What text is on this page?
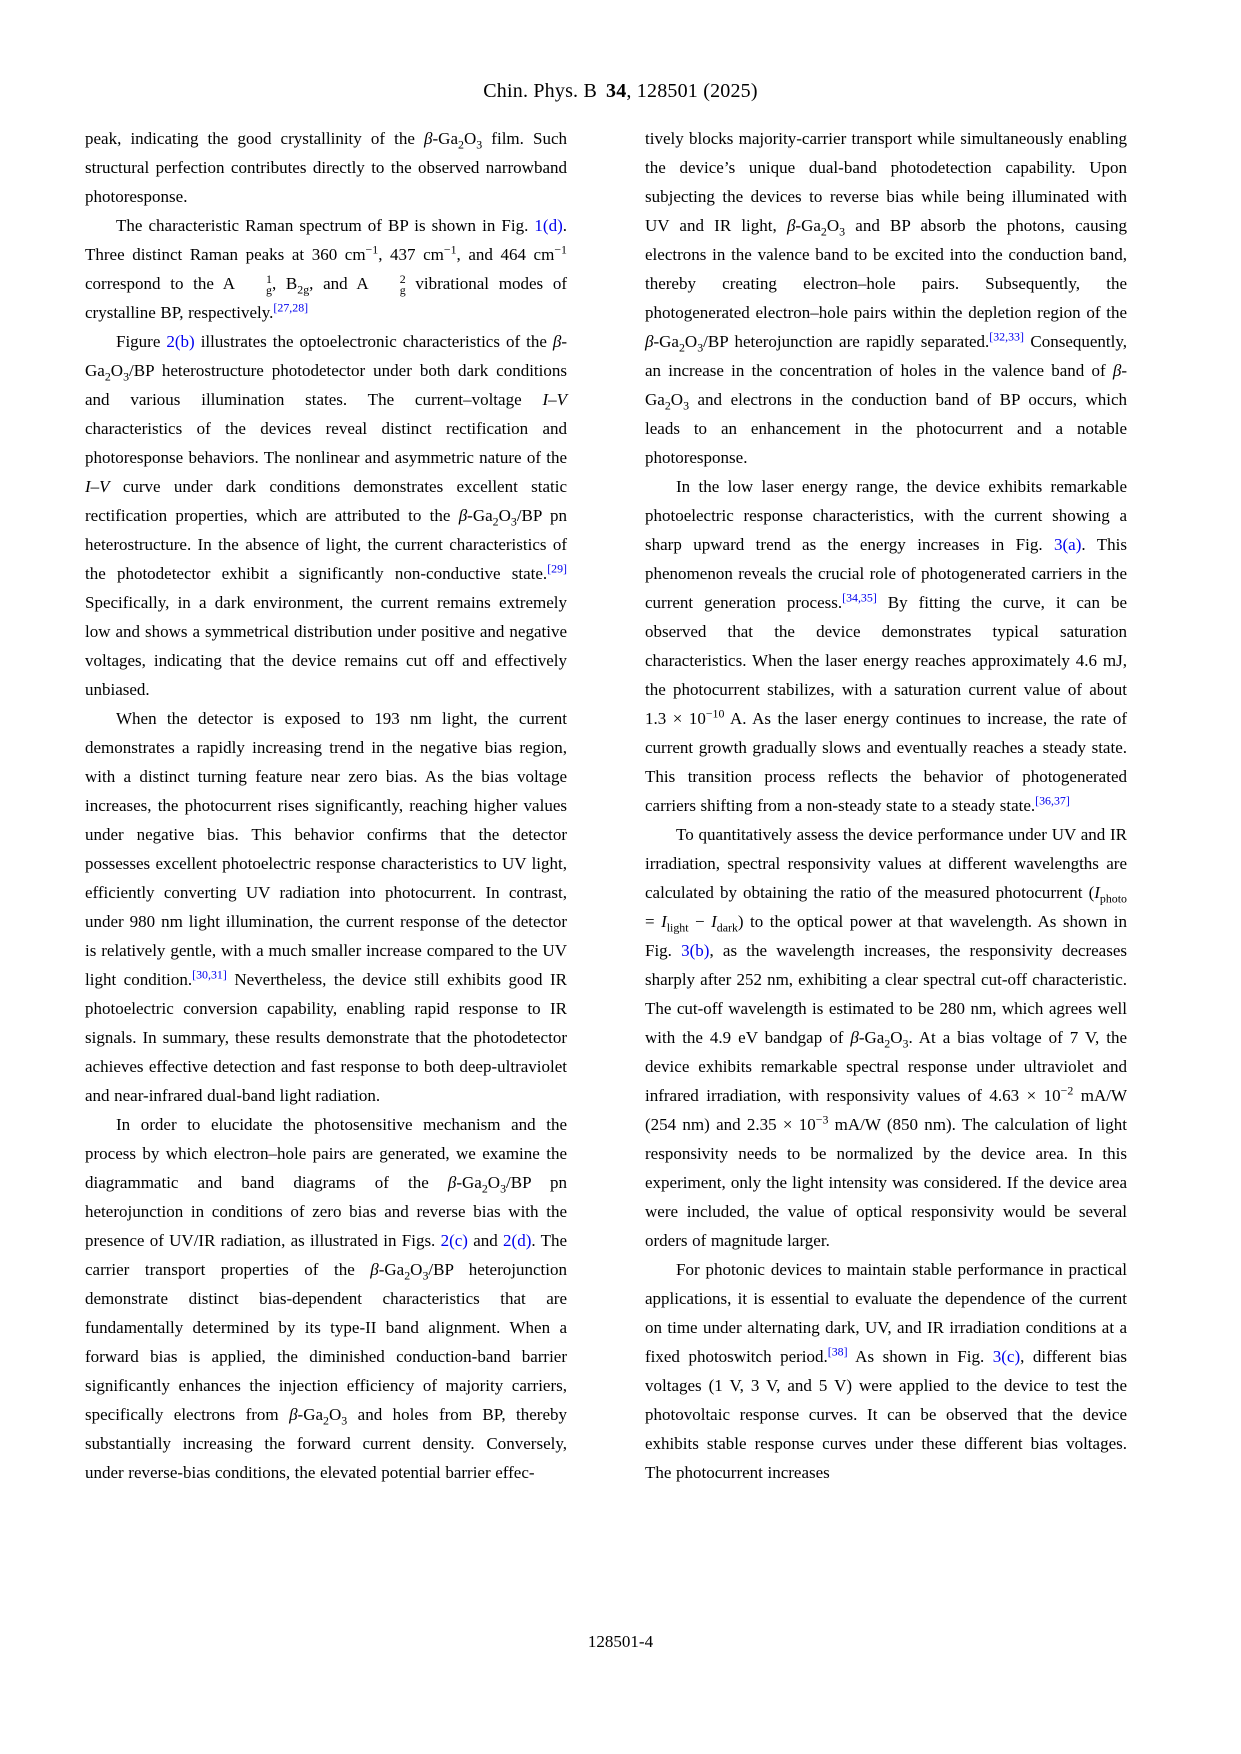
Chin. Phys. B 34, 128501 (2025)

peak, indicating the good crystallinity of the $\beta-Ga_2O_3$ film. Such structural perfection contributes directly to the observed narrowband photoresponse.

The characteristic Raman spectrum of BP is shown in Fig. 1(d). Three distinct Raman peaks at 360 $cm^{-1}$, 437 $cm^{-1}$, and 464 $cm^{-1}$ correspond to the A	1
g , $B_{2g}$, and A	2
g vibrational modes of crystalline BP, respectively.[27,28]

Figure 2(b) illustrates the optoelectronic characteristics of the $\beta-Ga_2O_3/BP$ heterostructure photodetector under both dark conditions and various illumination states. The current–voltage I–V characteristics of the devices reveal distinct rectification and photoresponse behaviors. The nonlinear and asymmetric nature of the I–V curve under dark conditions demonstrates excellent static rectification properties, which are attributed to the $\beta-Ga_2O_3/BP$ pn heterostructure. In the absence of light, the current characteristics of the photodetector exhibit a significantly non-conductive state.[29] Specifically, in a dark environment, the current remains extremely low and shows a symmetrical distribution under positive and negative voltages, indicating that the device remains cut off and effectively unbiased.

When the detector is exposed to 193 nm light, the current demonstrates a rapidly increasing trend in the negative bias region, with a distinct turning feature near zero bias. As the bias voltage increases, the photocurrent rises significantly, reaching higher values under negative bias. This behavior confirms that the detector possesses excellent photoelectric response characteristics to UV light, efficiently converting UV radiation into photocurrent. In contrast, under 980 nm light illumination, the current response of the detector is relatively gentle, with a much smaller increase compared to the UV light condition.[30,31] Nevertheless, the device still exhibits good IR photoelectric conversion capability, enabling rapid response to IR signals. In summary, these results demonstrate that the photodetector achieves effective detection and fast response to both deep-ultraviolet and near-infrared dual-band light radiation.

In order to elucidate the photosensitive mechanism and the process by which electron–hole pairs are generated, we examine the diagrammatic and band diagrams of the $\beta-Ga_2O_3/BP$ pn heterojunction in conditions of zero bias and reverse bias with the presence of UV/IR radiation, as illustrated in Figs. 2(c) and 2(d). The carrier transport properties of the $\beta-Ga_2O_3/BP$ heterojunction demonstrate distinct bias-dependent characteristics that are fundamentally determined by its type-II band alignment. When a forward bias is applied, the diminished conduction-band barrier significantly enhances the injection efficiency of majority carriers, specifically electrons from $\beta-Ga_2O_3$ and holes from BP, thereby substantially increasing the forward current density. Conversely, under reverse-bias conditions, the elevated potential barrier effec-

tively blocks majority-carrier transport while simultaneously enabling the device’s unique dual-band photodetection capability. Upon subjecting the devices to reverse bias while being illuminated with UV and IR light, $\beta-Ga_2O_3$ and BP absorb the photons, causing electrons in the valence band to be excited into the conduction band, thereby creating electron–hole pairs. Subsequently, the photogenerated electron–hole pairs within the depletion region of the $\beta-Ga_2O_3/BP$ heterojunction are rapidly separated.[32,33] Consequently, an increase in the concentration of holes in the valence band of $\beta-Ga_2O_3$ and electrons in the conduction band of BP occurs, which leads to an enhancement in the photocurrent and a notable photoresponse.

In the low laser energy range, the device exhibits remarkable photoelectric response characteristics, with the current showing a sharp upward trend as the energy increases in Fig. 3(a). This phenomenon reveals the crucial role of photogenerated carriers in the current generation process.[34,35] By fitting the curve, it can be observed that the device demonstrates typical saturation characteristics. When the laser energy reaches approximately 4.6 mJ, the photocurrent stabilizes, with a saturation current value of about $1.3 \times 10^{-10}$ A. As the laser energy continues to increase, the rate of current growth gradually slows and eventually reaches a steady state. This transition process reflects the behavior of photogenerated carriers shifting from a non-steady state to a steady state.[36,37]

To quantitatively assess the device performance under UV and IR irradiation, spectral responsivity values at different wavelengths are calculated by obtaining the ratio of the measured photocurrent $(I_{photo} = I_{light} - I_{dark})$ to the optical power at that wavelength. As shown in Fig. 3(b), as the wavelength increases, the responsivity decreases sharply after 252 nm, exhibiting a clear spectral cut-off characteristic. The cut-off wavelength is estimated to be 280 nm, which agrees well with the 4.9 eV bandgap of $\beta-Ga_2O_3$. At a bias voltage of 7 V, the device exhibits remarkable spectral response under ultraviolet and infrared irradiation, with responsivity values of $4.63 \times 10^{-2}$ mA/W (254 nm) and $2.35 \times 10^{-3}$ mA/W (850 nm). The calculation of light responsivity needs to be normalized by the device area. In this experiment, only the light intensity was considered. If the device area were included, the value of optical responsivity would be several orders of magnitude larger.

For photonic devices to maintain stable performance in practical applications, it is essential to evaluate the dependence of the current on time under alternating dark, UV, and IR irradiation conditions at a fixed photoswitch period.[38] As shown in Fig. 3(c), different bias voltages (1 V, 3 V, and 5 V) were applied to the device to test the photovoltaic response curves. It can be observed that the device exhibits stable response curves under these different bias voltages. The photocurrent increases

128501-4
